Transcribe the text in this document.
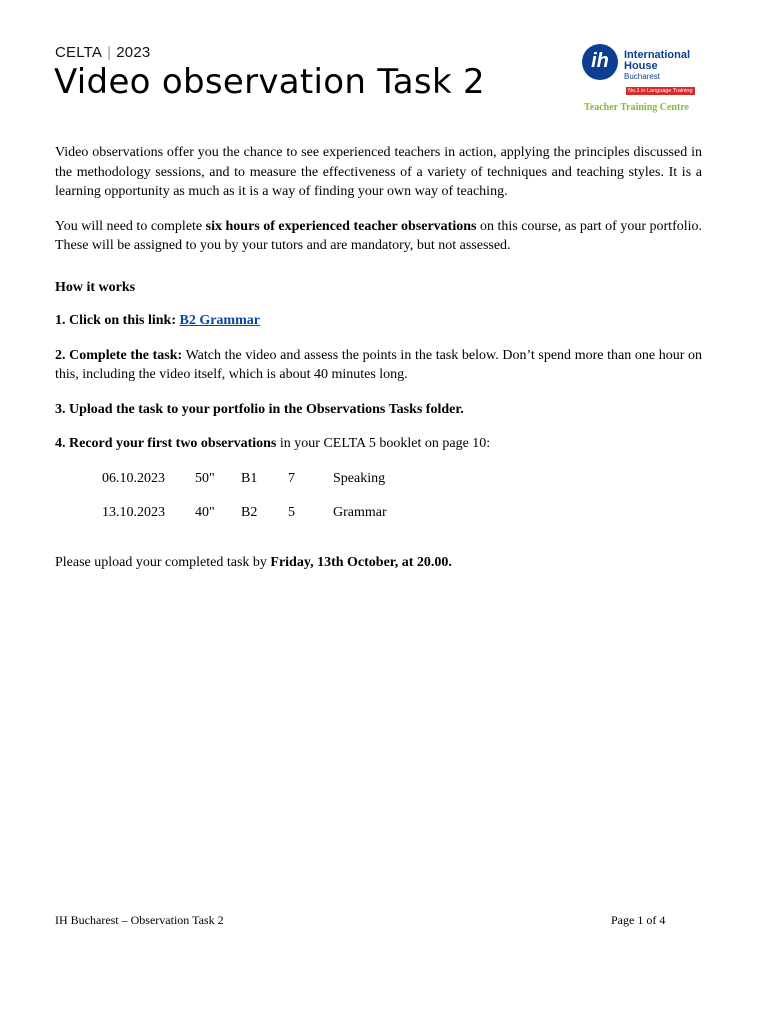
CELTA | 2023
Video observation Task 2
ih	International
House
Bucharest
No.1 in Language Training
Teacher Training Centre

Video observations offer you the chance to see experienced teachers in action, applying the principles discussed in the methodology sessions, and to measure the effectiveness of a variety of techniques and teaching styles. It is a learning opportunity as much as it is a way of finding your own way of teaching.

You will need to complete six hours of experienced teacher observations on this course, as part of your portfolio. These will be assigned to you by your tutors and are mandatory, but not assessed.

How it works

1. Click on this link: B2 Grammar

2. Complete the task: Watch the video and assess the points in the task below. Don’t spend more than one hour on this, including the video itself, which is about 40 minutes long.

3. Upload the task to your portfolio in the Observations Tasks folder.

4. Record your first two observations in your CELTA 5 booklet on page 10:

06.10.2023	50"	B1	7	Speaking
13.10.2023	40"	B2	5	Grammar

Please upload your completed task by Friday, 13th October, at 20.00.

IH Bucharest – Observation Task 2	Page 1 of 4
